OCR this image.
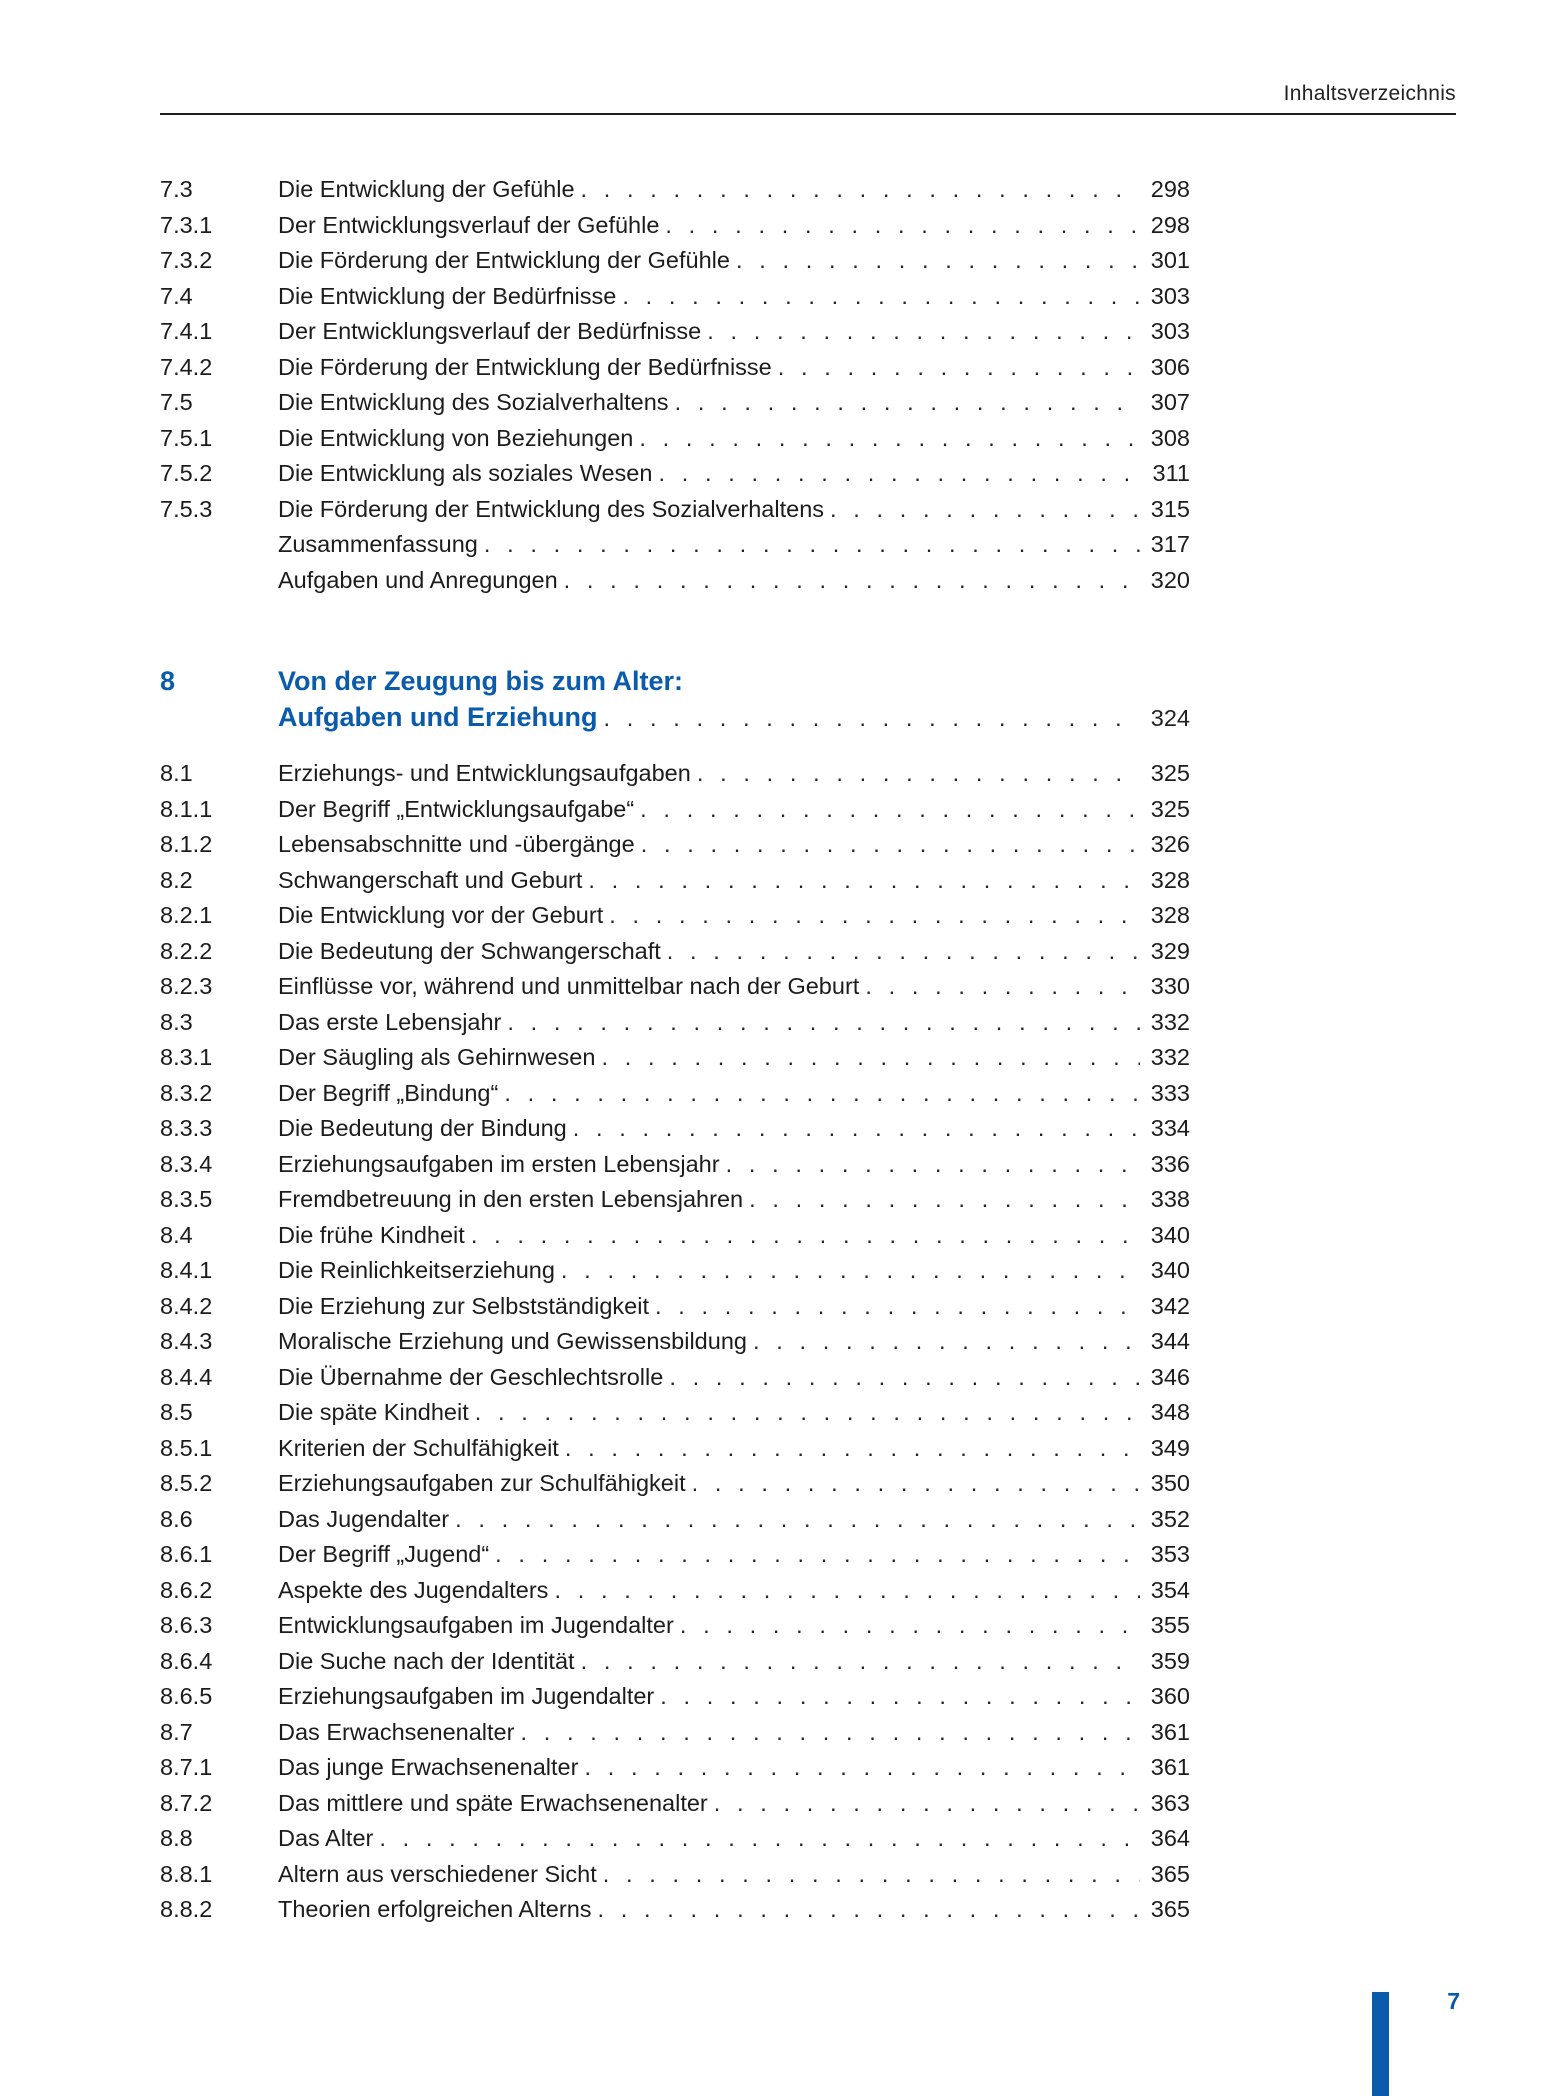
Inhaltsverzeichnis
7.3	Die Entwicklung der Gefühle . . .	298
7.3.1	Der Entwicklungsverlauf der Gefühle . . .	298
7.3.2	Die Förderung der Entwicklung der Gefühle . . .	301
7.4	Die Entwicklung der Bedürfnisse . . .	303
7.4.1	Der Entwicklungsverlauf der Bedürfnisse . . .	303
7.4.2	Die Förderung der Entwicklung der Bedürfnisse . . .	306
7.5	Die Entwicklung des Sozialverhaltens . . .	307
7.5.1	Die Entwicklung von Beziehungen . . .	308
7.5.2	Die Entwicklung als soziales Wesen . . .	311
7.5.3	Die Förderung der Entwicklung des Sozialverhaltens . . .	315
Zusammenfassung . . .	317
Aufgaben und Anregungen . . .	320
8	Von der Zeugung bis zum Alter:
Aufgaben und Erziehung . . .	324
8.1	Erziehungs- und Entwicklungsaufgaben . . .	325
8.1.1	Der Begriff „Entwicklungsaufgabe“ . . .	325
8.1.2	Lebensabschnitte und -übergänge . . .	326
8.2	Schwangerschaft und Geburt . . .	328
8.2.1	Die Entwicklung vor der Geburt . . .	328
8.2.2	Die Bedeutung der Schwangerschaft . . .	329
8.2.3	Einflüsse vor, während und unmittelbar nach der Geburt . . .	330
8.3	Das erste Lebensjahr . . .	332
8.3.1	Der Säugling als Gehirnwesen . . .	332
8.3.2	Der Begriff „Bindung“ . . .	333
8.3.3	Die Bedeutung der Bindung . . .	334
8.3.4	Erziehungsaufgaben im ersten Lebensjahr . . .	336
8.3.5	Fremdbetreuung in den ersten Lebensjahren . . .	338
8.4	Die frühe Kindheit . . .	340
8.4.1	Die Reinlichkeitserziehung . . .	340
8.4.2	Die Erziehung zur Selbstständigkeit . . .	342
8.4.3	Moralische Erziehung und Gewissensbildung . . .	344
8.4.4	Die Übernahme der Geschlechtsrolle . . .	346
8.5	Die späte Kindheit . . .	348
8.5.1	Kriterien der Schulfähigkeit . . .	349
8.5.2	Erziehungsaufgaben zur Schulfähigkeit . . .	350
8.6	Das Jugendalter . . .	352
8.6.1	Der Begriff „Jugend“ . . .	353
8.6.2	Aspekte des Jugendalters . . .	354
8.6.3	Entwicklungsaufgaben im Jugendalter . . .	355
8.6.4	Die Suche nach der Identität . . .	359
8.6.5	Erziehungsaufgaben im Jugendalter . . .	360
8.7	Das Erwachsenenalter . . .	361
8.7.1	Das junge Erwachsenenalter . . .	361
8.7.2	Das mittlere und späte Erwachsenenalter . . .	363
8.8	Das Alter . . .	364
8.8.1	Altern aus verschiedener Sicht . . .	365
8.8.2	Theorien erfolgreichen Alterns . . .	365
7
